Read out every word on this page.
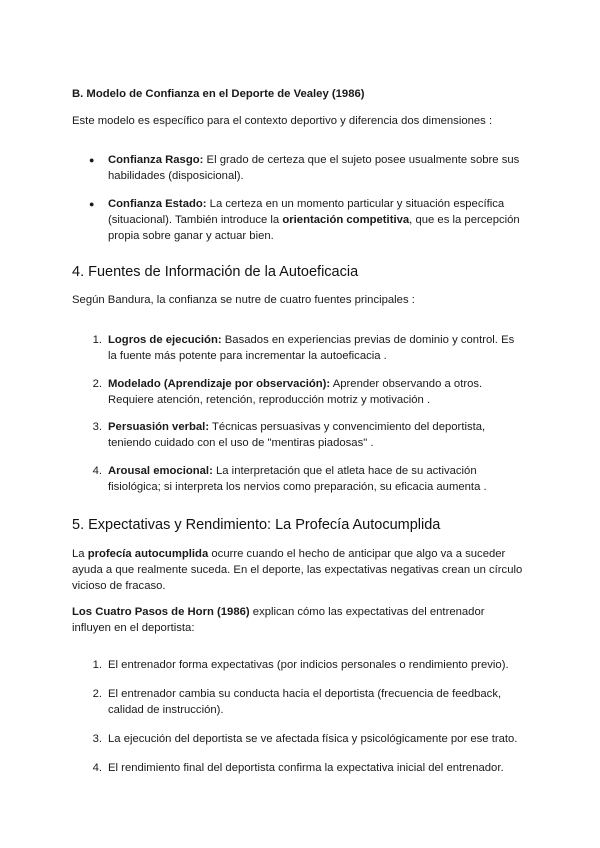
B. Modelo de Confianza en el Deporte de Vealey (1986)
Este modelo es específico para el contexto deportivo y diferencia dos dimensiones :
● Confianza Rasgo: El grado de certeza que el sujeto posee usualmente sobre sus habilidades (disposicional).
● Confianza Estado: La certeza en un momento particular y situación específica (situacional). También introduce la orientación competitiva, que es la percepción propia sobre ganar y actuar bien.
4. Fuentes de Información de la Autoeficacia
Según Bandura, la confianza se nutre de cuatro fuentes principales :
1. Logros de ejecución: Basados en experiencias previas de dominio y control. Es la fuente más potente para incrementar la autoeficacia .
2. Modelado (Aprendizaje por observación): Aprender observando a otros. Requiere atención, retención, reproducción motriz y motivación .
3. Persuasión verbal: Técnicas persuasivas y convencimiento del deportista, teniendo cuidado con el uso de "mentiras piadosas" .
4. Arousal emocional: La interpretación que el atleta hace de su activación fisiológica; si interpreta los nervios como preparación, su eficacia aumenta .
5. Expectativas y Rendimiento: La Profecía Autocumplida
La profecía autocumplida ocurre cuando el hecho de anticipar que algo va a suceder ayuda a que realmente suceda. En el deporte, las expectativas negativas crean un círculo vicioso de fracaso.
Los Cuatro Pasos de Horn (1986) explican cómo las expectativas del entrenador influyen en el deportista:
1. El entrenador forma expectativas (por indicios personales o rendimiento previo).
2. El entrenador cambia su conducta hacia el deportista (frecuencia de feedback, calidad de instrucción).
3. La ejecución del deportista se ve afectada física y psicológicamente por ese trato.
4. El rendimiento final del deportista confirma la expectativa inicial del entrenador.
